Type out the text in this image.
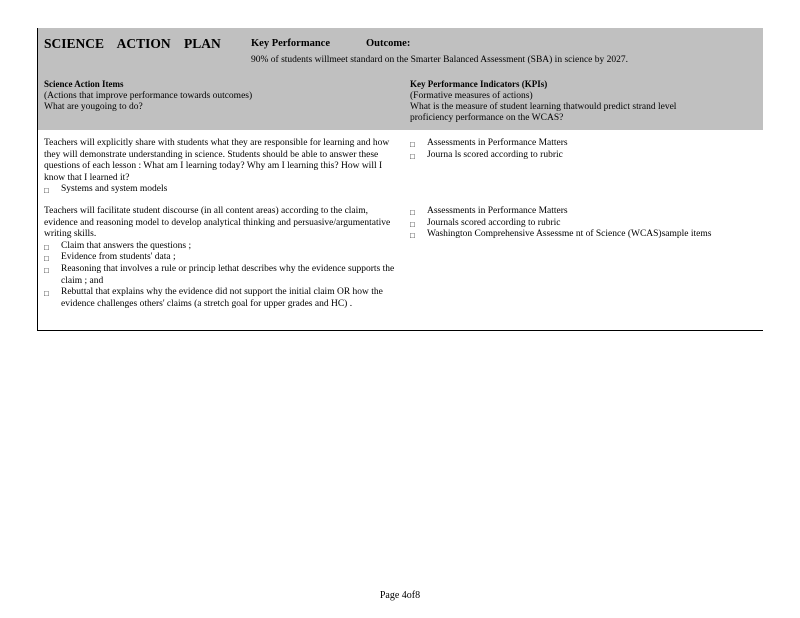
SCIENCE ACTION PLAN	Key Performance	Outcome:
90% of students willmeet standard on the Smarter Balanced Assessment (SBA) in science by 2027.
Science Action Items
(Actions that improve performance towards outcomes)
What are yougoing to do?
Key Performance Indicators (KPIs)
(Formative measures of actions)
What is the measure of student learning thatwould predict strand level
proficiency performance on the WCAS?
Teachers will explicitly share with students what they are responsible for learning and how they will demonstrate understanding in science. Students should be able to answer these questions of each lesson : What am I learning today? Why am I learning this? How will I know that I learned it?
□ Systems and system models
□ Assessments in Performance Matters
□ Journa ls scored according to rubric
Teachers will facilitate student discourse (in all content areas) according to the claim, evidence and reasoning model to develop analytical thinking and persuasive/argumentative writing skills.
□ Claim that answers the questions ;
□ Evidence from students' data ;
□ Reasoning that involves a rule or princip lethat describes why the evidence supports the claim ; and
□ Rebuttal that explains why the evidence did not support the initial claim OR how the evidence challenges others' claims (a stretch goal for upper grades and HC) .
□ Assessments in Performance Matters
□ Journals scored according to rubric
□ Washington Comprehensive Assessme nt of Science (WCAS)sample items
Page 4of8
